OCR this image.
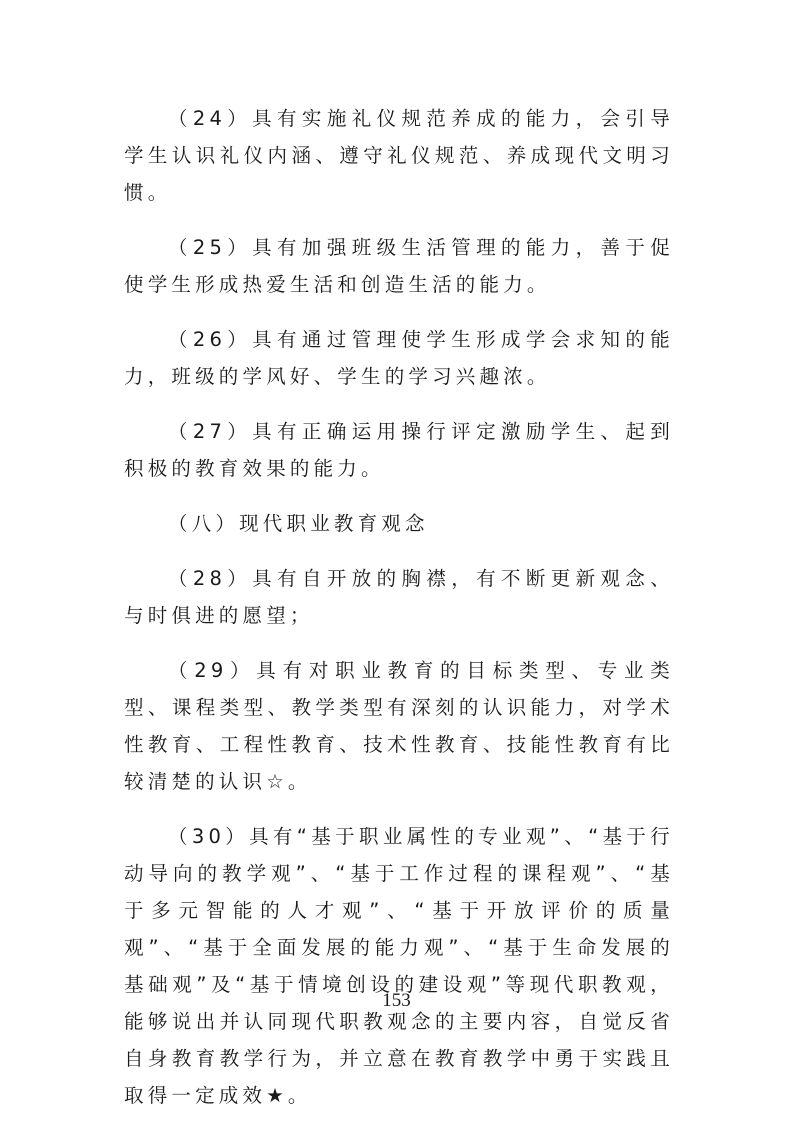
（24）具有实施礼仪规范养成的能力，会引导学生认识礼仪内涵、遵守礼仪规范、养成现代文明习惯。

（25）具有加强班级生活管理的能力，善于促使学生形成热爱生活和创造生活的能力。

（26）具有通过管理使学生形成学会求知的能力，班级的学风好、学生的学习兴趣浓。

（27）具有正确运用操行评定激励学生、起到积极的教育效果的能力。

（八）现代职业教育观念

（28）具有自开放的胸襟，有不断更新观念、与时俱进的愿望；

（29）具有对职业教育的目标类型、专业类型、课程类型、教学类型有深刻的认识能力，对学术性教育、工程性教育、技术性教育、技能性教育有比较清楚的认识☆。

（30）具有“基于职业属性的专业观”、“基于行动导向的教学观”、“基于工作过程的课程观”、“基于多元智能的人才观”、“基于开放评价的质量观”、“基于全面发展的能力观”、“基于生命发展的基础观”及“基于情境创设的建设观”等现代职教观，能够说出并认同现代职教观念的主要内容，自觉反省自身教育教学行为，并立意在教育教学中勇于实践且取得一定成效★。

153
